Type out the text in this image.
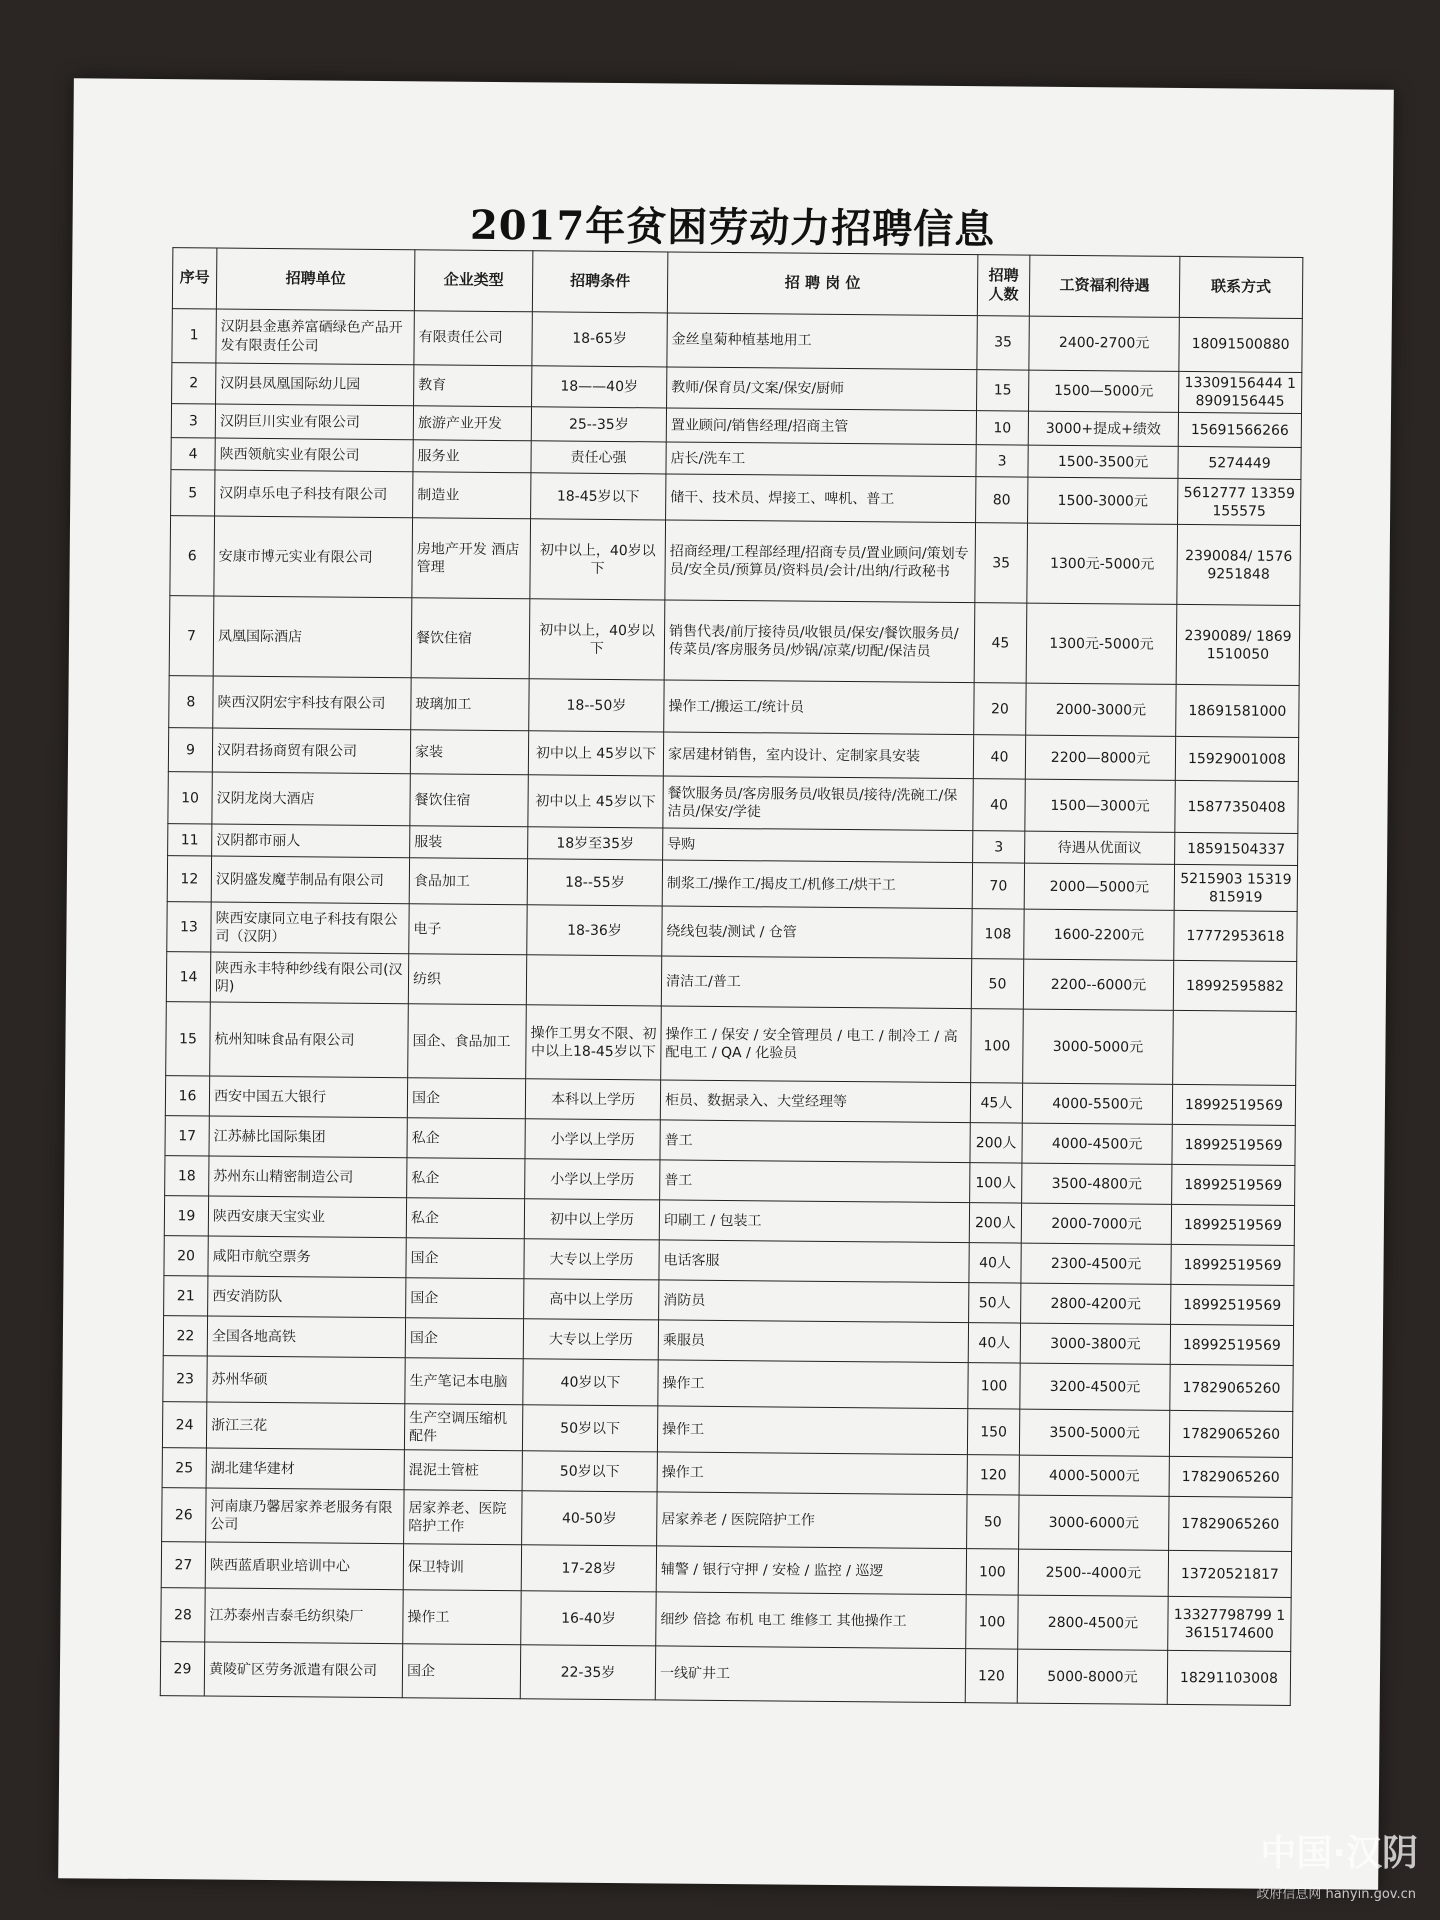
2017年贫困劳动力招聘信息
序号	招聘单位	企业类型	招聘条件	招 聘 岗 位	招聘人数	工资福利待遇	联系方式
1	汉阴县金惠养富硒绿色产品开发有限责任公司	有限责任公司	18-65岁	金丝皇菊种植基地用工	35	2400-2700元	18091500880
2	汉阴县凤凰国际幼儿园	教育	18——40岁	教师/保育员/文案/保安/厨师	15	1500—5000元	13309156444 18909156445
3	汉阴巨川实业有限公司	旅游产业开发	25--35岁	置业顾问/销售经理/招商主管	10	3000+提成+绩效	15691566266
4	陕西领航实业有限公司	服务业	责任心强	店长/洗车工	3	1500-3500元	5274449
5	汉阴卓乐电子科技有限公司	制造业	18-45岁以下	储干、技术员、焊接工、啤机、普工	80	1500-3000元	5612777 13359155575
6	安康市博元实业有限公司	房地产开发 酒店管理	初中以上，40岁以下	招商经理/工程部经理/招商专员/置业顾问/策划专员/安全员/预算员/资料员/会计/出纳/行政秘书	35	1300元-5000元	2390084/ 15769251848
7	凤凰国际酒店	餐饮住宿	初中以上，40岁以下	销售代表/前厅接待员/收银员/保安/餐饮服务员/传菜员/客房服务员/炒锅/凉菜/切配/保洁员	45	1300元-5000元	2390089/ 18691510050
8	陕西汉阴宏宇科技有限公司	玻璃加工	18--50岁	操作工/搬运工/统计员	20	2000-3000元	18691581000
9	汉阴君扬商贸有限公司	家装	初中以上 45岁以下	家居建材销售，室内设计、定制家具安装	40	2200—8000元	15929001008
10	汉阴龙岗大酒店	餐饮住宿	初中以上 45岁以下	餐饮服务员/客房服务员/收银员/接待/洗碗工/保洁员/保安/学徒	40	1500—3000元	15877350408
11	汉阴都市丽人	服装	18岁至35岁	导购	3	待遇从优面议	18591504337
12	汉阴盛发魔芋制品有限公司	食品加工	18--55岁	制浆工/操作工/揭皮工/机修工/烘干工	70	2000—5000元	5215903 15319815919
13	陕西安康同立电子科技有限公司（汉阴）	电子	18-36岁	绕线包装/测试 / 仓管	108	1600-2200元	17772953618
14	陕西永丰特种纱线有限公司(汉阴)	纺织		清洁工/普工	50	2200--6000元	18992595882
15	杭州知味食品有限公司	国企、食品加工	操作工男女不限、初中以上18-45岁以下	操作工 / 保安 / 安全管理员 / 电工 / 制冷工 / 高配电工 / QA / 化验员	100	3000-5000元	
16	西安中国五大银行	国企	本科以上学历	柜员、数据录入、大堂经理等	45人	4000-5500元	18992519569
17	江苏赫比国际集团	私企	小学以上学历	普工	200人	4000-4500元	18992519569
18	苏州东山精密制造公司	私企	小学以上学历	普工	100人	3500-4800元	18992519569
19	陕西安康天宝实业	私企	初中以上学历	印刷工 / 包装工	200人	2000-7000元	18992519569
20	咸阳市航空票务	国企	大专以上学历	电话客服	40人	2300-4500元	18992519569
21	西安消防队	国企	高中以上学历	消防员	50人	2800-4200元	18992519569
22	全国各地高铁	国企	大专以上学历	乘服员	40人	3000-3800元	18992519569
23	苏州华硕	生产笔记本电脑	40岁以下	操作工	100	3200-4500元	17829065260
24	浙江三花	生产空调压缩机配件	50岁以下	操作工	150	3500-5000元	17829065260
25	湖北建华建材	混泥土管桩	50岁以下	操作工	120	4000-5000元	17829065260
26	河南康乃馨居家养老服务有限公司	居家养老、医院陪护工作	40-50岁	居家养老 / 医院陪护工作	50	3000-6000元	17829065260
27	陕西蓝盾职业培训中心	保卫特训	17-28岁	辅警 / 银行守押 / 安检 / 监控 / 巡逻	100	2500--4000元	13720521817
28	江苏泰州吉泰毛纺织染厂	操作工	16-40岁	细纱 倍捻 布机 电工 维修工 其他操作工	100	2800-4500元	13327798799 13615174600
29	黄陵矿区劳务派遣有限公司	国企	22-35岁	一线矿井工	120	5000-8000元	18291103008
中国·汉阴
政府信息网 hanyin.gov.cn
